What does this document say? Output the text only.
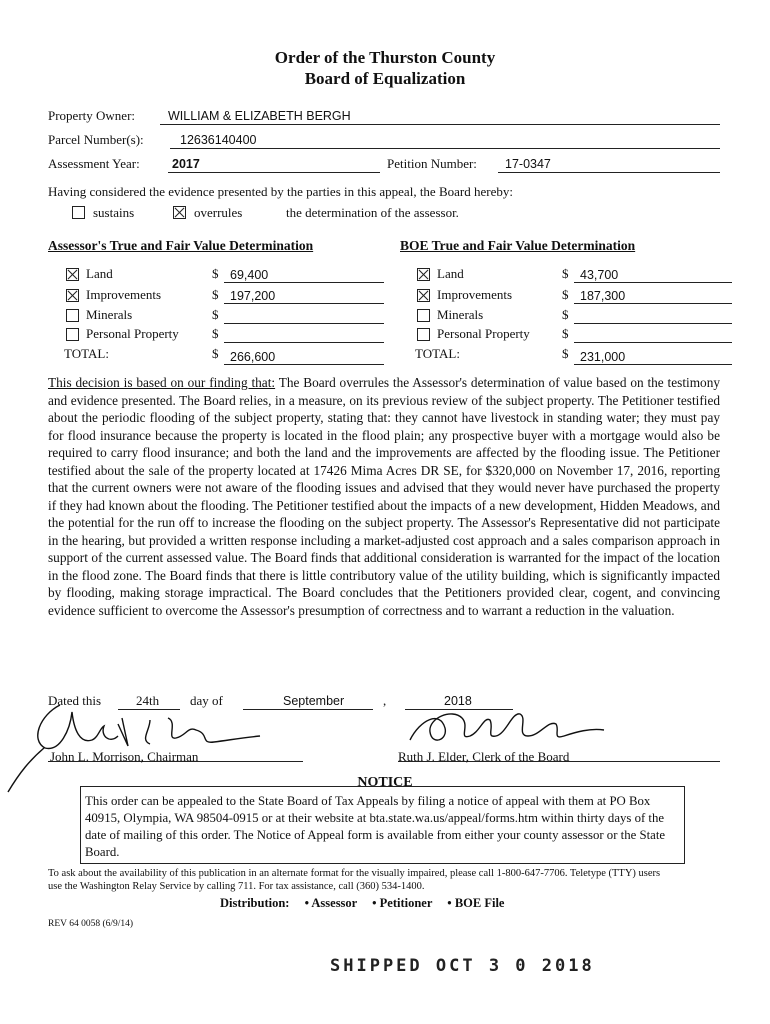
Order of the Thurston County
Board of Equalization
Property Owner:	WILLIAM & ELIZABETH BERGH
Parcel Number(s):	12636140400
Assessment Year:	2017	Petition Number: 17-0347
Having considered the evidence presented by the parties in this appeal, the Board hereby:
sustains	overrules	the determination of the assessor.
Assessor's True and Fair Value Determination
Land	$ 69,400
Improvements	$ 197,200
Minerals	$
Personal Property	$
TOTAL:	$ 266,600
BOE True and Fair Value Determination
Land	$ 43,700
Improvements	$ 187,300
Minerals	$
Personal Property $
TOTAL:	$ 231,000
This decision is based on our finding that: The Board overrules the Assessor's determination of value based on the testimony and evidence presented. The Board relies, in a measure, on its previous review of the subject property. The Petitioner testified about the periodic flooding of the subject property, stating that: they cannot have livestock in standing water; they must pay for flood insurance because the property is located in the flood plain; any prospective buyer with a mortgage would also be required to carry flood insurance; and both the land and the improvements are affected by the flooding issue. The Petitioner testified about the sale of the property located at 17426 Mima Acres DR SE, for $320,000 on November 17, 2016, reporting that the current owners were not aware of the flooding issues and advised that they would never have purchased the property if they had known about the flooding. The Petitioner testified about the impacts of a new development, Hidden Meadows, and the potential for the run off to increase the flooding on the subject property. The Assessor's Representative did not participate in the hearing, but provided a written response including a market-adjusted cost approach and a sales comparison approach in support of the current assessed value. The Board finds that additional consideration is warranted for the impact of the location in the flood zone. The Board finds that there is little contributory value of the utility building, which is significantly impacted by flooding, making storage impractical. The Board concludes that the Petitioners provided clear, cogent, and convincing evidence sufficient to overcome the Assessor's presumption of correctness and to warrant a reduction in the valuation.
Dated this	24th day of	September	,	2018
John L. Morrison, Chairman	Ruth J. Elder, Clerk of the Board
NOTICE
This order can be appealed to the State Board of Tax Appeals by filing a notice of appeal with them at PO Box 40915, Olympia, WA 98504-0915 or at their website at bta.state.wa.us/appeal/forms.htm within thirty days of the date of mailing of this order. The Notice of Appeal form is available from either your county assessor or the State Board.
To ask about the availability of this publication in an alternate format for the visually impaired, please call 1-800-647-7706. Teletype (TTY) users use the Washington Relay Service by calling 711. For tax assistance, call (360) 534-1400.
Distribution: • Assessor • Petitioner • BOE File
REV 64 0058 (6/9/14)
SHIPPED OCT 3 0 2018
